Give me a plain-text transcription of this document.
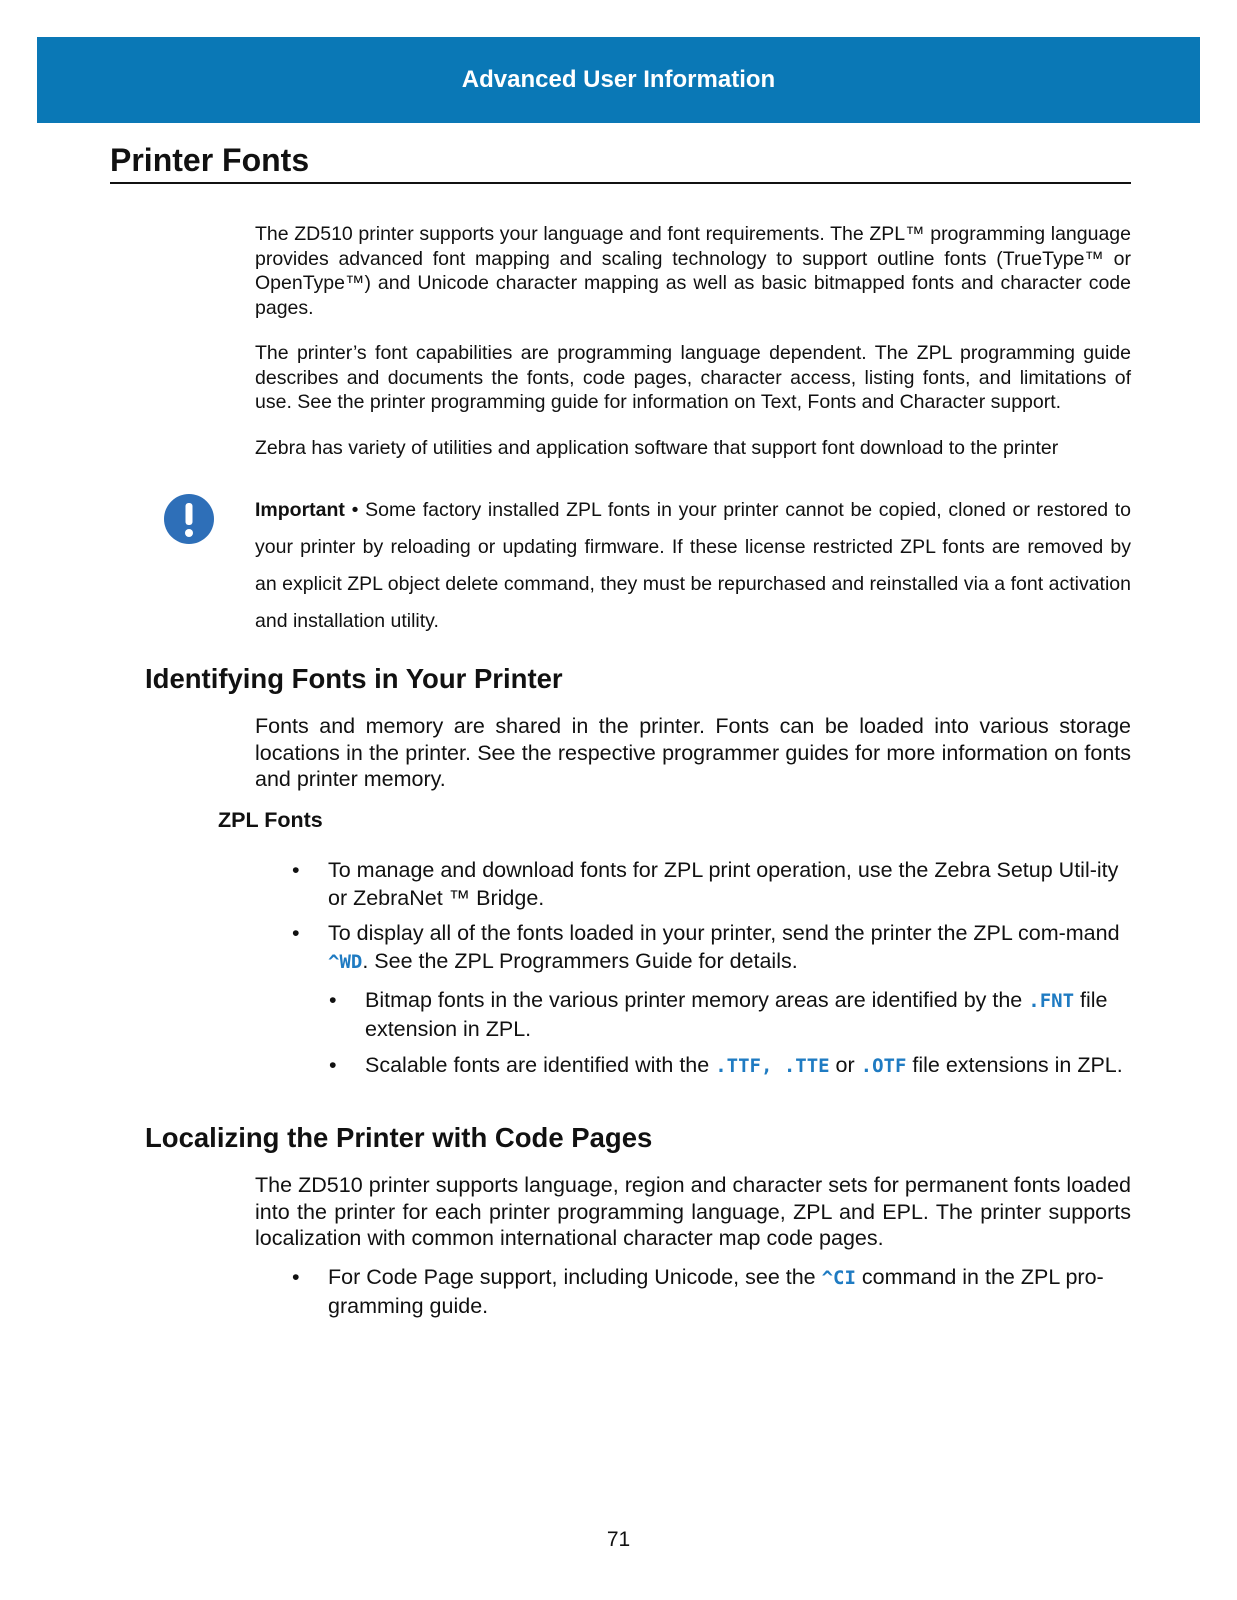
Advanced User Information
Printer Fonts

The ZD510 printer supports your language and font requirements. The ZPL™ programming language provides advanced font mapping and scaling technology to support outline fonts (TrueType™ or OpenType™) and Unicode character mapping as well as basic bitmapped fonts and character code pages.

The printer’s font capabilities are programming language dependent. The ZPL programming guide describes and documents the fonts, code pages, character access, listing fonts, and limitations of use. See the printer programming guide for information on Text, Fonts and Character support.

Zebra has variety of utilities and application software that support font download to the printer

Important • Some factory installed ZPL fonts in your printer cannot be copied, cloned or restored to your printer by reloading or updating firmware. If these license restricted ZPL fonts are removed by an explicit ZPL object delete command, they must be repurchased and reinstalled via a font activation and installation utility.

Identifying Fonts in Your Printer

Fonts and memory are shared in the printer. Fonts can be loaded into various storage locations in the printer. See the respective programmer guides for more information on fonts and printer memory.

ZPL Fonts

• To manage and download fonts for ZPL print operation, use the Zebra Setup Util-ity or ZebraNet ™ Bridge.

• To display all of the fonts loaded in your printer, send the printer the ZPL com-mand ^WD. See the ZPL Programmers Guide for details.

• Bitmap fonts in the various printer memory areas are identified by the .FNT file extension in ZPL.

• Scalable fonts are identified with the .TTF, .TTE or .OTF file extensions in ZPL.

Localizing the Printer with Code Pages

The ZD510 printer supports language, region and character sets for permanent fonts loaded into the printer for each printer programming language, ZPL and EPL. The printer supports localization with common international character map code pages.

• For Code Page support, including Unicode, see the ^CI command in the ZPL pro-gramming guide.

71
